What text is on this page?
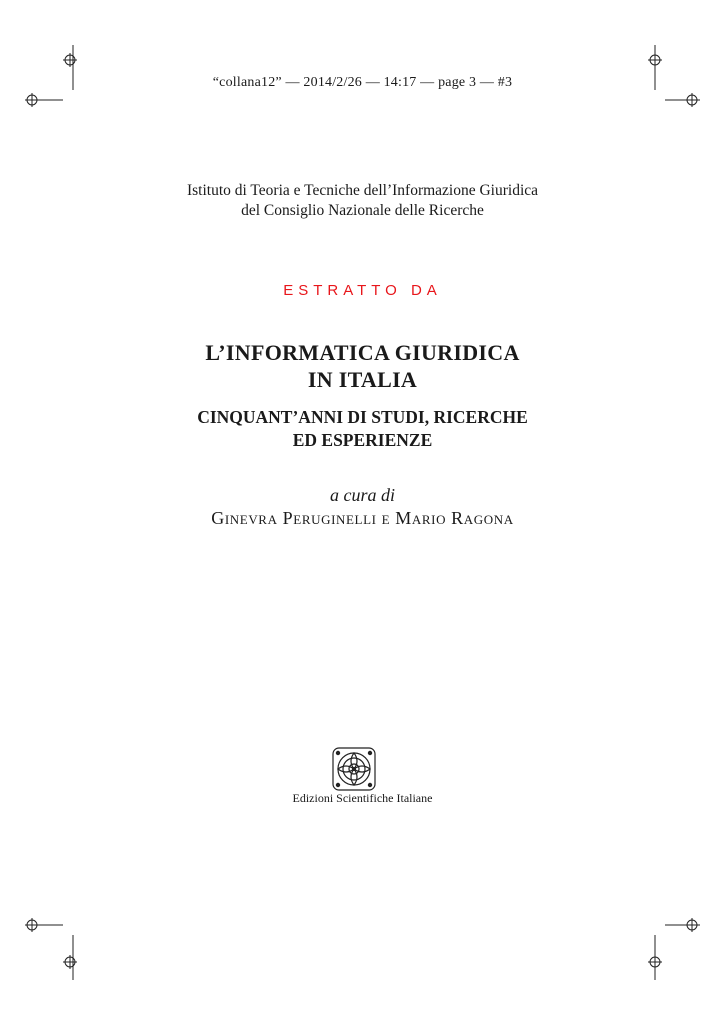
“collana12” — 2014/2/26 — 14:17 — page 3 — #3
Istituto di Teoria e Tecniche dell’Informazione Giuridica
del Consiglio Nazionale delle Ricerche
ESTRATTO DA
L’INFORMATICA GIURIDICA
IN ITALIA
CINQUANT’ANNI DI STUDI, RICERCHE
ED ESPERIENZE
a cura di
Ginevra Peruginelli e Mario Ragona
Edizioni Scientifiche Italiane
